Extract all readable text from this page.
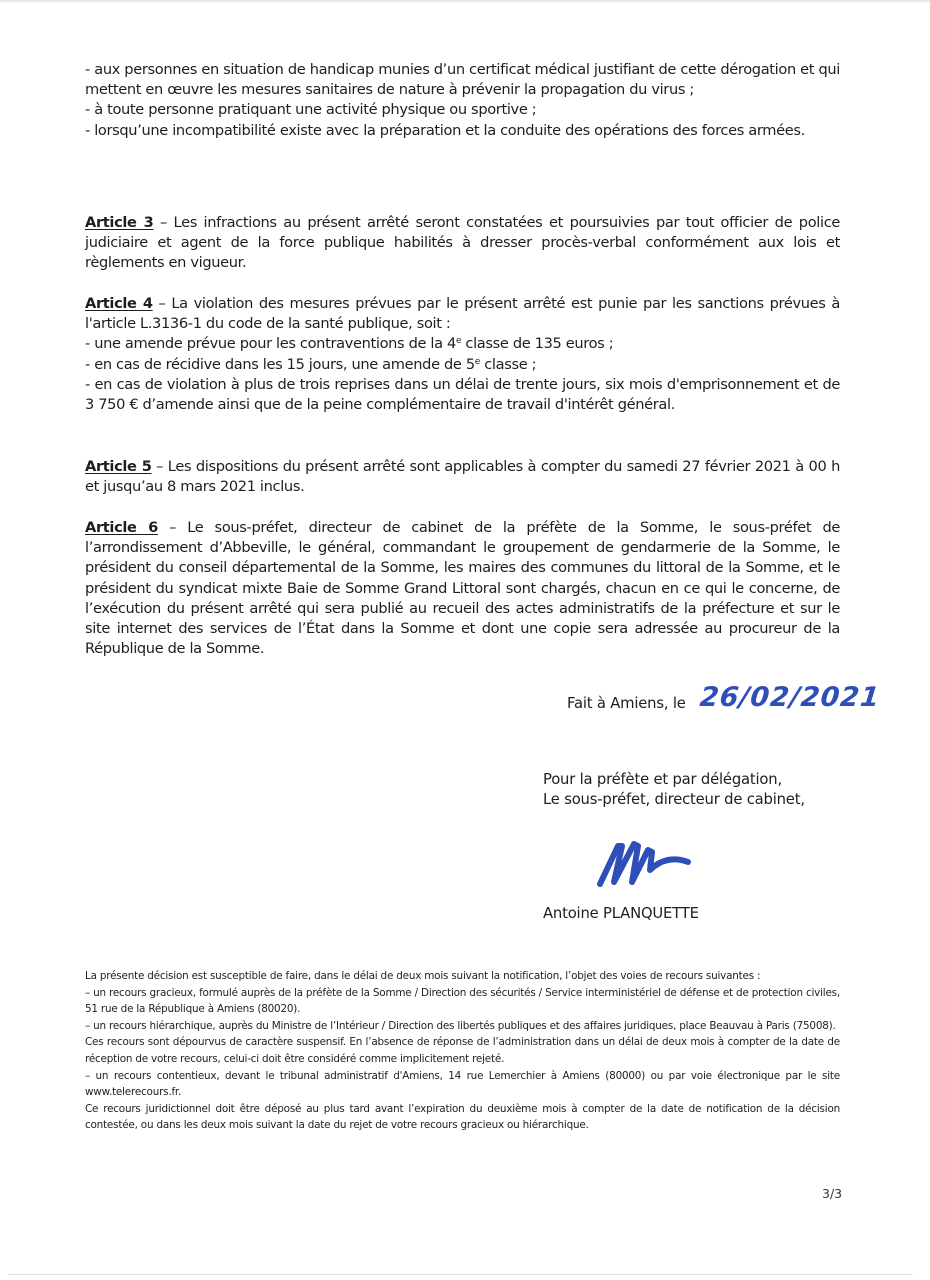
- aux personnes en situation de handicap munies d’un certificat médical justifiant de cette dérogation et qui mettent en œuvre les mesures sanitaires de nature à prévenir la propagation du virus ;

- à toute personne pratiquant une activité physique ou sportive ;

- lorsqu’une incompatibilité existe avec la préparation et la conduite des opérations des forces armées.

Article 3 – Les infractions au présent arrêté seront constatées et poursuivies par tout officier de police judiciaire et agent de la force publique habilités à dresser procès-verbal conformément aux lois et règlements en vigueur.

Article 4 – La violation des mesures prévues par le présent arrêté est punie par les sanctions prévues à l'article L.3136-1 du code de la santé publique, soit :

- une amende prévue pour les contraventions de la 4e classe de 135 euros ;

- en cas de récidive dans les 15 jours, une amende de 5e classe ;

- en cas de violation à plus de trois reprises dans un délai de trente jours, six mois d'emprisonnement et de 3 750 € d’amende ainsi que de la peine complémentaire de travail d'intérêt général.

Article 5 – Les dispositions du présent arrêté sont applicables à compter du samedi 27 février 2021 à 00 h et jusqu’au 8 mars 2021 inclus.

Article 6 – Le sous-préfet, directeur de cabinet de la préfète de la Somme, le sous-préfet de l’arrondissement d’Abbeville, le général, commandant le groupement de gendarmerie de la Somme, le président du conseil départemental de la Somme, les maires des communes du littoral de la Somme, et le président du syndicat mixte Baie de Somme Grand Littoral sont chargés, chacun en ce qui le concerne, de l’exécution du présent arrêté qui sera publié au recueil des actes administratifs de la préfecture et sur le site internet des services de l’État dans la Somme et dont une copie sera adressée au procureur de la République de la Somme.

Fait à Amiens, le 26/02/2021
Pour la préfète et par délégation,
Le sous-préfet, directeur de cabinet,
Antoine PLANQUETTE

La présente décision est susceptible de faire, dans le délai de deux mois suivant la notification, l’objet des voies de recours suivantes :

– un recours gracieux, formulé auprès de la préfète de la Somme / Direction des sécurités / Service interministériel de défense et de protection civiles, 51 rue de la République à Amiens (80020).

– un recours hiérarchique, auprès du Ministre de l’Intérieur / Direction des libertés publiques et des affaires juridiques, place Beauvau à Paris (75008).

Ces recours sont dépourvus de caractère suspensif. En l’absence de réponse de l’administration dans un délai de deux mois à compter de la date de réception de votre recours, celui-ci doit être considéré comme implicitement rejeté.

– un recours contentieux, devant le tribunal administratif d'Amiens, 14 rue Lemerchier à Amiens (80000) ou par voie électronique par le site www.telerecours.fr.

Ce recours juridictionnel doit être déposé au plus tard avant l’expiration du deuxième mois à compter de la date de notification de la décision contestée, ou dans les deux mois suivant la date du rejet de votre recours gracieux ou hiérarchique.

3/3
